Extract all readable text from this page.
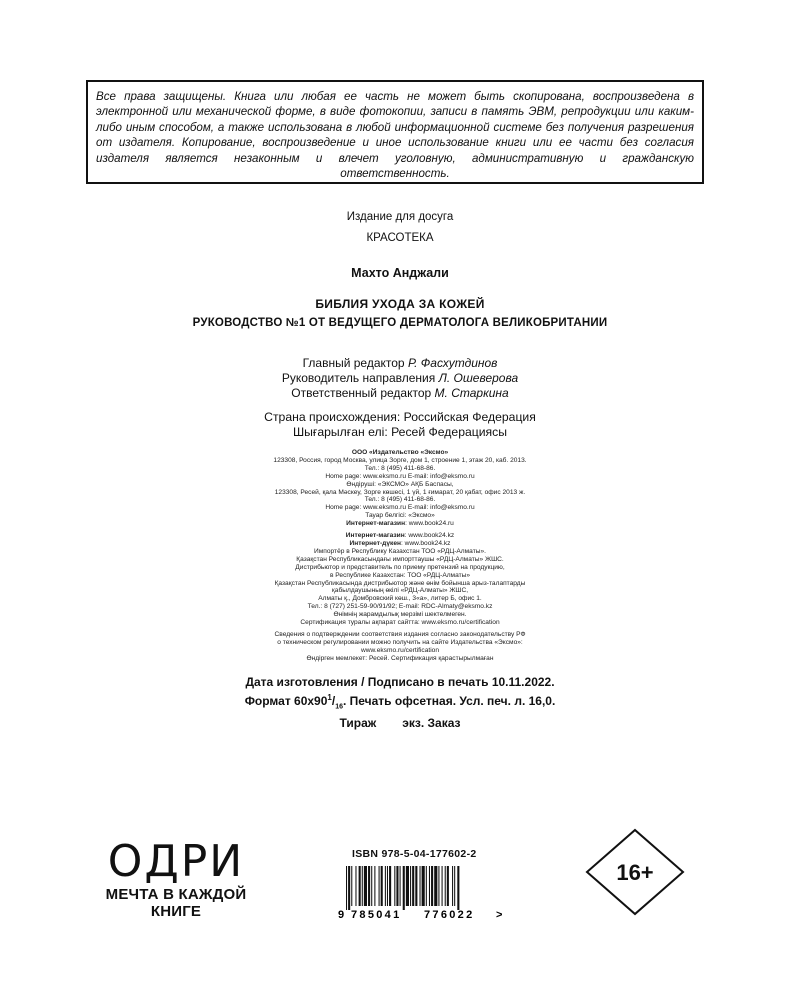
Все права защищены. Книга или любая ее часть не может быть скопирована, воспроизведена в электронной или механической форме, в виде фотокопии, записи в память ЭВМ, репродукции или каким-либо иным способом, а также использована в любой информационной системе без получения разрешения от издателя. Копирование, воспроизведение и иное использование книги или ее части без согласия издателя является незаконным и влечет уголовную, административную и гражданскую ответственность.
Издание для досуга
КРАСОТЕКА
Махто Анджали
БИБЛИЯ УХОДА ЗА КОЖЕЙ
РУКОВОДСТВО №1 ОТ ВЕДУЩЕГО ДЕРМАТОЛОГА ВЕЛИКОБРИТАНИИ
Главный редактор Р. Фасхутдинов
Руководитель направления Л. Ошеверова
Ответственный редактор М. Старкина
Страна происхождения: Российская Федерация
Шығарылған елі: Ресей Федерациясы
ООО «Издательство «Эксмо»
123308, Россия, город Москва, улица Зорге, дом 1, строение 1, этаж 20, каб. 2013.
Тел.: 8 (495) 411-68-86.
Home page: www.eksmo.ru E-mail: info@eksmo.ru
Өндіруші: «ЭКСМО» АҚБ Баспасы,
123308, Ресей, қала Мәскеу, Зорге көшесі, 1 үй, 1 ғимарат, 20 қабат, офис 2013 ж.
Тел.: 8 (495) 411-68-86.
Home page: www.eksmo.ru E-mail: info@eksmo.ru
Тауар белгісі: «Эксмо»
Интернет-магазин: www.book24.ru
Интернет-магазин: www.book24.kz
Интернет-дүкен: www.book24.kz
Импортёр в Республику Казахстан ТОО «РДЦ-Алматы».
Қазақстан Республикасындағы импорттаушы «РДЦ-Алматы» ЖШС.
Дистрибьютор и представитель по приему претензий на продукцию,
в Республике Казахстан: ТОО «РДЦ-Алматы»
Қазақстан Республикасында дистрибьютор және өнім бойынша арыз-талаптарды
қабылдаушының өкілі «РДЦ-Алматы» ЖШС,
Алматы қ., Домбровский көш., 3«а», литер Б, офис 1.
Тел.: 8 (727) 251-59-90/91/92; E-mail: RDC-Almaty@eksmo.kz
Өнімнің жарамдылық мерзімі шектелмеген.
Сертификация туралы ақпарат сайтта: www.eksmo.ru/certification
Сведения о подтверждении соответствия издания согласно законодательству РФ
о техническом регулировании можно получить на сайте Издательства «Эксмо»:
www.eksmo.ru/certification
Өндірген мемлекет: Ресей. Сертификация қарастырылмаған
Дата изготовления / Подписано в печать 10.11.2022.
Формат $60х90^1/_{16}$. Печать офсетная. Усл. печ. л. 16,0.
Тираж экз. Заказ
ОДРИ
МЕЧТА В КАЖДОЙ
КНИГЕ
ISBN 978-5-04-177602-2
9 785041 776022 >
16+
